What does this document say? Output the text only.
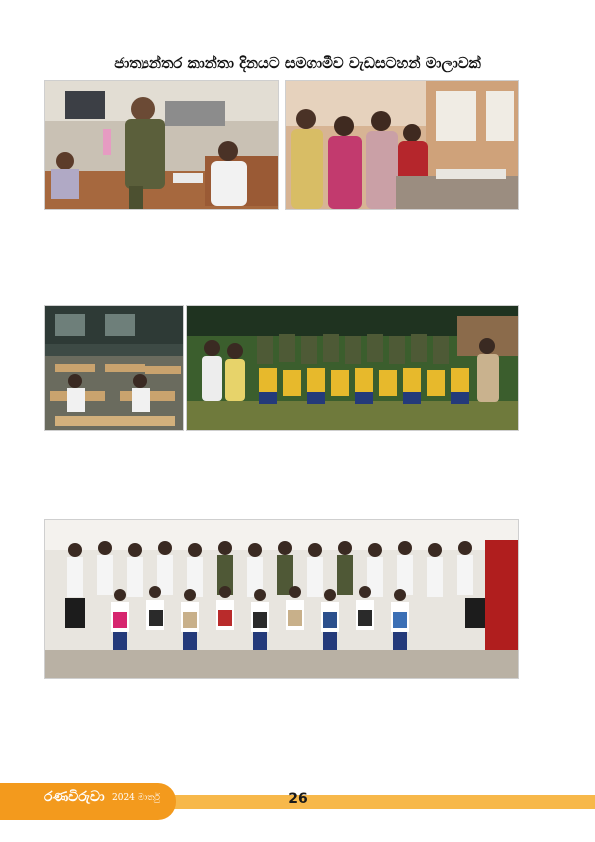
ජාත්‍යන්තර කාන්තා දිනයට සමගාමීව වැඩසටහන් මාලාවක්

රණවිරුවා 2024 මාර්තු	26
